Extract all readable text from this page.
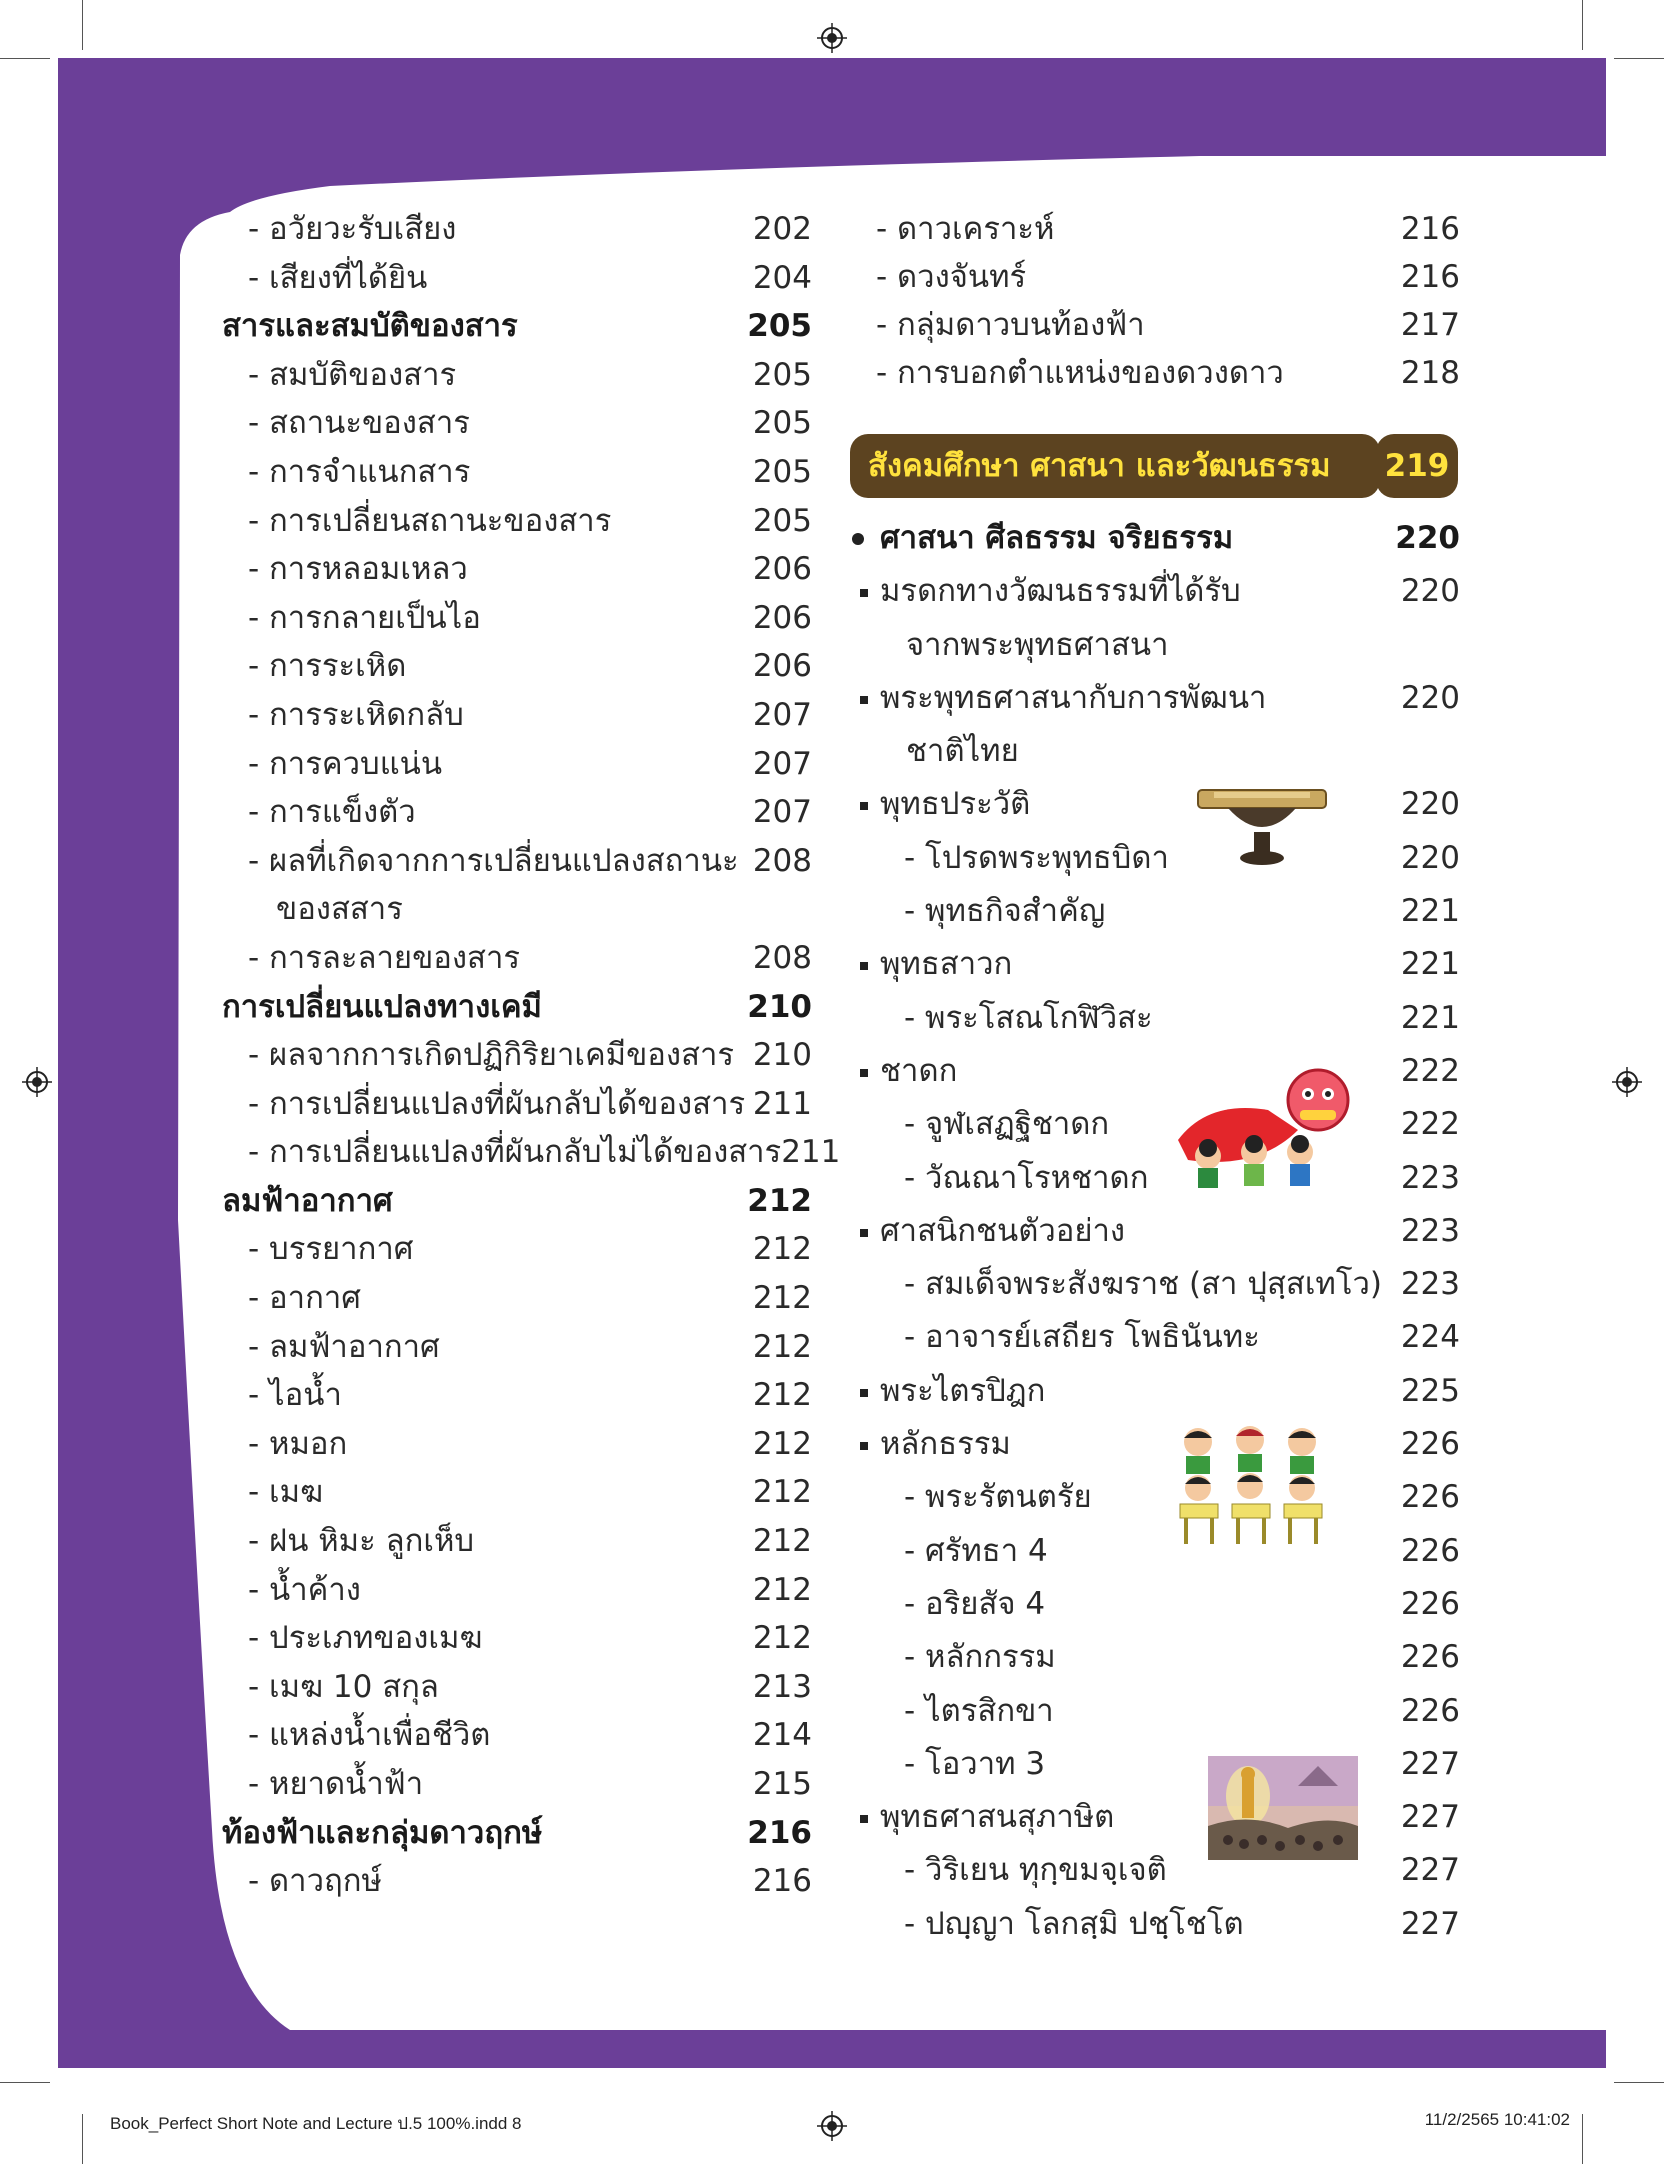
- อวัยวะรับเสียง	202
- เสียงที่ได้ยิน	204
สารและสมบัติของสาร	205
- สมบัติของสาร	205
- สถานะของสาร	205
- การจำแนกสาร	205
- การเปลี่ยนสถานะของสาร	205
- การหลอมเหลว	206
- การกลายเป็นไอ	206
- การระเหิด	206
- การระเหิดกลับ	207
- การควบแน่น	207
- การแข็งตัว	207
- ผลที่เกิดจากการเปลี่ยนแปลงสถานะ 208
ของสสาร
- การละลายของสาร	208
การเปลี่ยนแปลงทางเคมี	210
- ผลจากการเกิดปฏิกิริยาเคมีของสาร 210
- การเปลี่ยนแปลงที่ผันกลับได้ของสาร 211
- การเปลี่ยนแปลงที่ผันกลับไม่ได้ของสาร 211
ลมฟ้าอากาศ	212
- บรรยากาศ	212
- อากาศ	212
- ลมฟ้าอากาศ	212
- ไอน้ำ	212
- หมอก	212
- เมฆ	212
- ฝน หิมะ ลูกเห็บ	212
- น้ำค้าง	212
- ประเภทของเมฆ	212
- เมฆ 10 สกุล	213
- แหล่งน้ำเพื่อชีวิต	214
- หยาดน้ำฟ้า	215
ท้องฟ้าและกลุ่มดาวฤกษ์	216
- ดาวฤกษ์	216
- ดาวเคราะห์	216
- ดวงจันทร์	216
- กลุ่มดาวบนท้องฟ้า	217
- การบอกตำแหน่งของดวงดาว	218
สังคมศึกษา ศาสนา และวัฒนธรรม	219
ศาสนา ศีลธรรม จริยธรรม	220
มรดกทางวัฒนธรรมที่ได้รับ	220
จากพระพุทธศาสนา
พระพุทธศาสนากับการพัฒนา	220
ชาติไทย
พุทธประวัติ	220
- โปรดพระพุทธบิดา	220
- พุทธกิจสำคัญ	221
พุทธสาวก	221
- พระโสณโกฬิวิสะ	221
ชาดก	222
- จูฬเสฏฐิชาดก	222
- วัณณาโรหชาดก	223
ศาสนิกชนตัวอย่าง	223
- สมเด็จพระสังฆราช (สา ปุสฺสเทโว) 223
- อาจารย์เสถียร โพธินันทะ	224
พระไตรปิฎก	225
หลักธรรม	226
- พระรัตนตรัย	226
- ศรัทธา 4	226
- อริยสัจ 4	226
- หลักกรรม	226
- ไตรสิกขา	226
- โอวาท 3	227
พุทธศาสนสุภาษิต	227
- วิริเยน ทุกฺขมจฺเจติ	227
- ปญฺญา โลกสฺมิ ปชฺโชโต	227
Book_Perfect Short Note and Lecture ป.5 100%.indd 8	11/2/2565 10:41:02
